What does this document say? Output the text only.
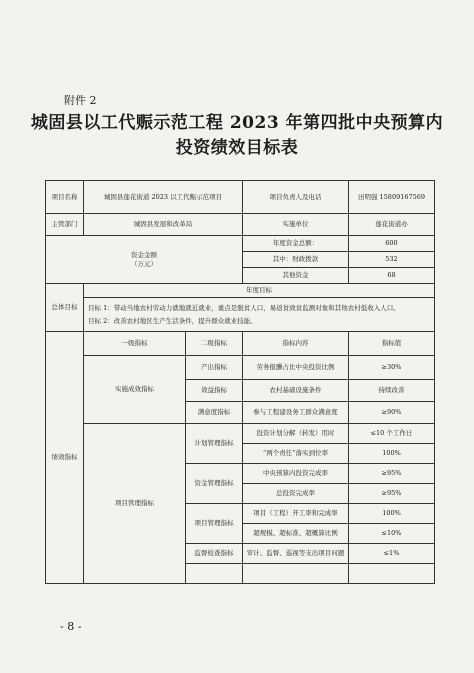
附件 2
城固县以工代赈示范工程 2023 年第四批中央预算内
投资绩效目标表
项目名称	城固县莲花街道 2023 以工代赈示范项目		项目负责人及电话	田明强 15809167569
主管部门	城固县发展和改革局		实施单位	莲花街道办

资金金额
（万元）			年度资金总额：	600
			其中：财政拨款	532
			其他资金	68
总体目标	年度目标			

	目标 1：带动当地农村劳动力就地就近就业，重点是脱贫人口、易返贫致贫监测对象和其他农村低收入人口。
目标 2：改善农村地区生产生活条件，提升群众就业技能。			

绩效指标	一级指标	二级指标	指标内容	指标值
	实施成效指标	产出指标	劳务报酬占比中央投资比例	≥30%
		效益指标	农村基础设施条件	持续改善
		满意度指标	参与工程建设务工群众满意度	≥90%
	项目管理指标	计划管理指标	投资计划分解（转发）用时	≤10 个工作日
			“两个责任”落实到位率	100%
		资金管理指标	中央预算内投资完成率	≥95%
			总投资完成率	≥95%
		项目管理指标	项目（工程）开工率和完成率	100%
			超规模、超标准、超概算比例	≤10%
		监督检查指标	审计、监督、巡视等支出项目问题	≤1%

- 8 -
